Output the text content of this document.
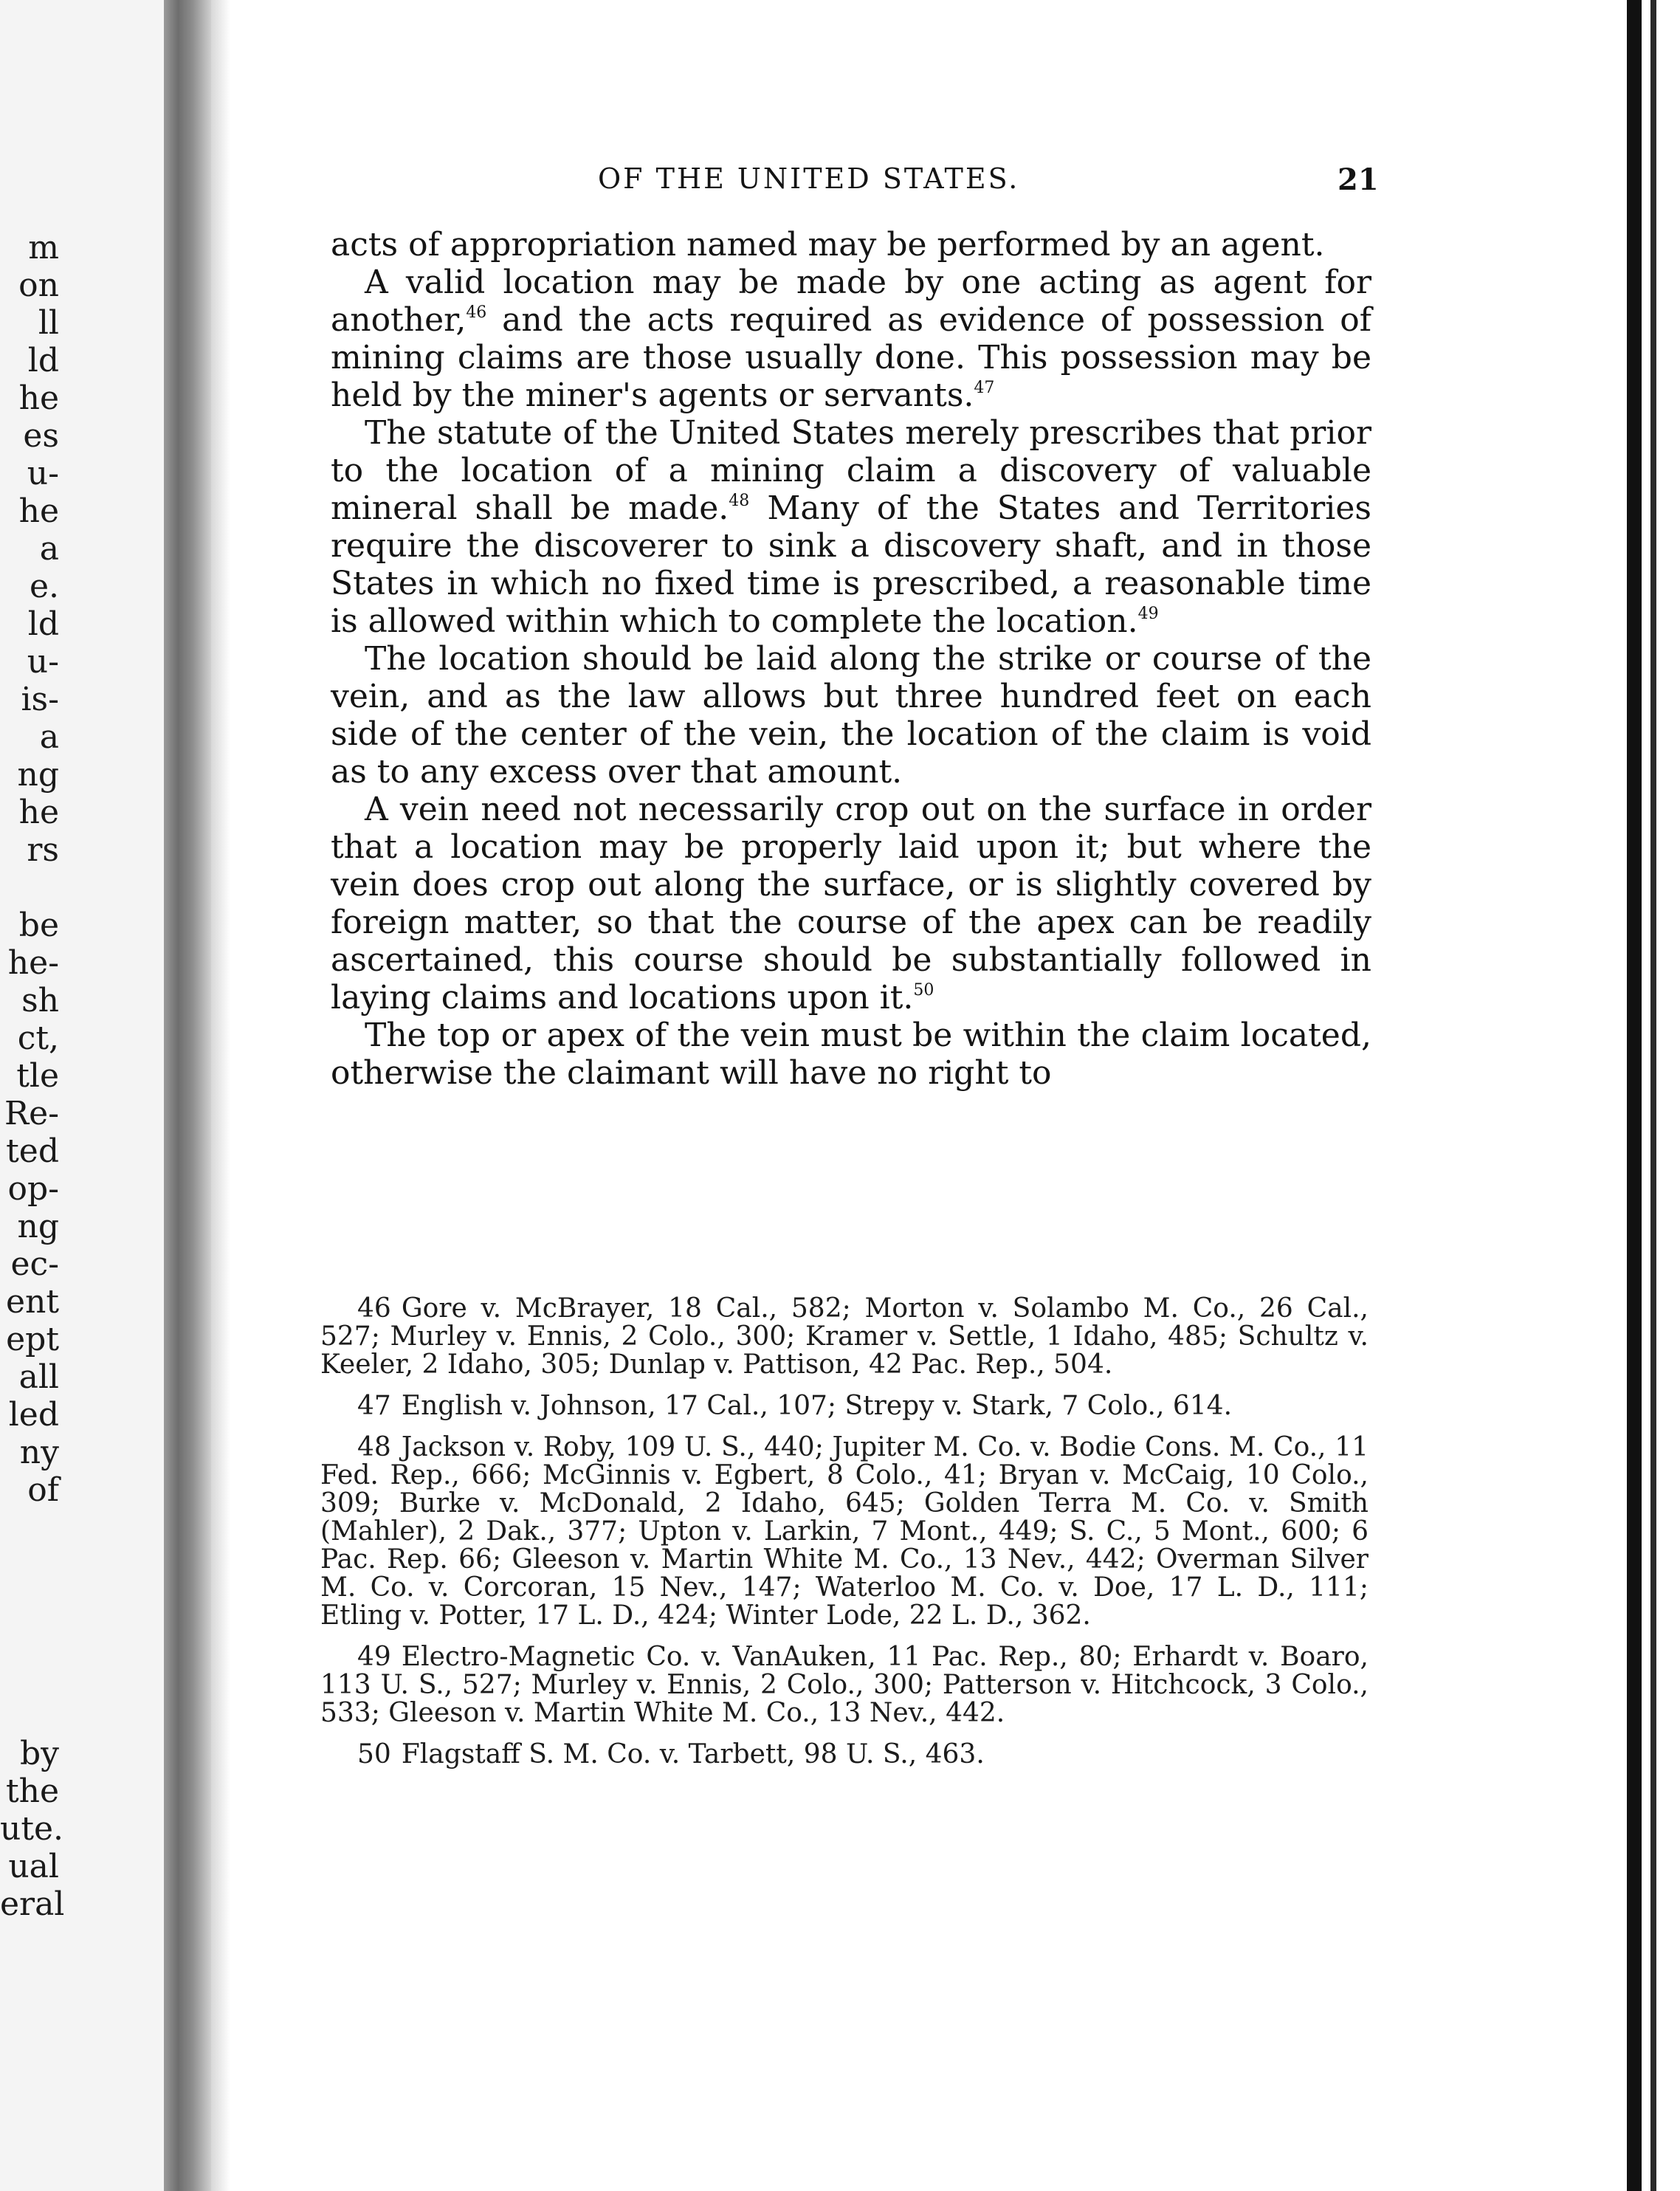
m
on
ll
ld
he
es
u-
he
a
e.
ld
u-
is-
a
ng
he
rs
be
he-
sh
ct,
tle
Re-
ted
op-
ng
ec-
ent
ept
all
led
ny
of
by
the
ute.
ual
eral
OF THE UNITED STATES.	21

acts of appropriation named may be performed by an agent.

A valid location may be made by one acting as agent for another,$^{46}$ and the acts required as evidence of possession of mining claims are those usually done. This possession may be held by the miner's agents or servants.$^{47}$

The statute of the United States merely prescribes that prior to the location of a mining claim a discovery of valuable mineral shall be made.$^{48}$ Many of the States and Territories require the discoverer to sink a discovery shaft, and in those States in which no fixed time is prescribed, a reasonable time is allowed within which to complete the location.$^{49}$

The location should be laid along the strike or course of the vein, and as the law allows but three hundred feet on each side of the center of the vein, the location of the claim is void as to any excess over that amount.

A vein need not necessarily crop out on the surface in order that a location may be properly laid upon it; but where the vein does crop out along the surface, or is slightly covered by foreign matter, so that the course of the apex can be readily ascertained, this course should be substantially followed in laying claims and locations upon it.$^{50}$

The top or apex of the vein must be within the claim located, otherwise the claimant will have no right to

46 Gore v. McBrayer, 18 Cal., 582; Morton v. Solambo M. Co., 26 Cal., 527; Murley v. Ennis, 2 Colo., 300; Kramer v. Settle, 1 Idaho, 485; Schultz v. Keeler, 2 Idaho, 305; Dunlap v. Pattison, 42 Pac. Rep., 504.
47 English v. Johnson, 17 Cal., 107; Strepy v. Stark, 7 Colo., 614.
48 Jackson v. Roby, 109 U. S., 440; Jupiter M. Co. v. Bodie Cons. M. Co., 11 Fed. Rep., 666; McGinnis v. Egbert, 8 Colo., 41; Bryan v. McCaig, 10 Colo., 309; Burke v. McDonald, 2 Idaho, 645; Golden Terra M. Co. v. Smith (Mahler), 2 Dak., 377; Upton v. Larkin, 7 Mont., 449; S. C., 5 Mont., 600; 6 Pac. Rep. 66; Gleeson v. Martin White M. Co., 13 Nev., 442; Overman Silver M. Co. v. Corcoran, 15 Nev., 147; Waterloo M. Co. v. Doe, 17 L. D., 111; Etling v. Potter, 17 L. D., 424; Winter Lode, 22 L. D., 362.
49 Electro-Magnetic Co. v. VanAuken, 11 Pac. Rep., 80; Erhardt v. Boaro, 113 U. S., 527; Murley v. Ennis, 2 Colo., 300; Patterson v. Hitchcock, 3 Colo., 533; Gleeson v. Martin White M. Co., 13 Nev., 442.
50 Flagstaff S. M. Co. v. Tarbett, 98 U. S., 463.
